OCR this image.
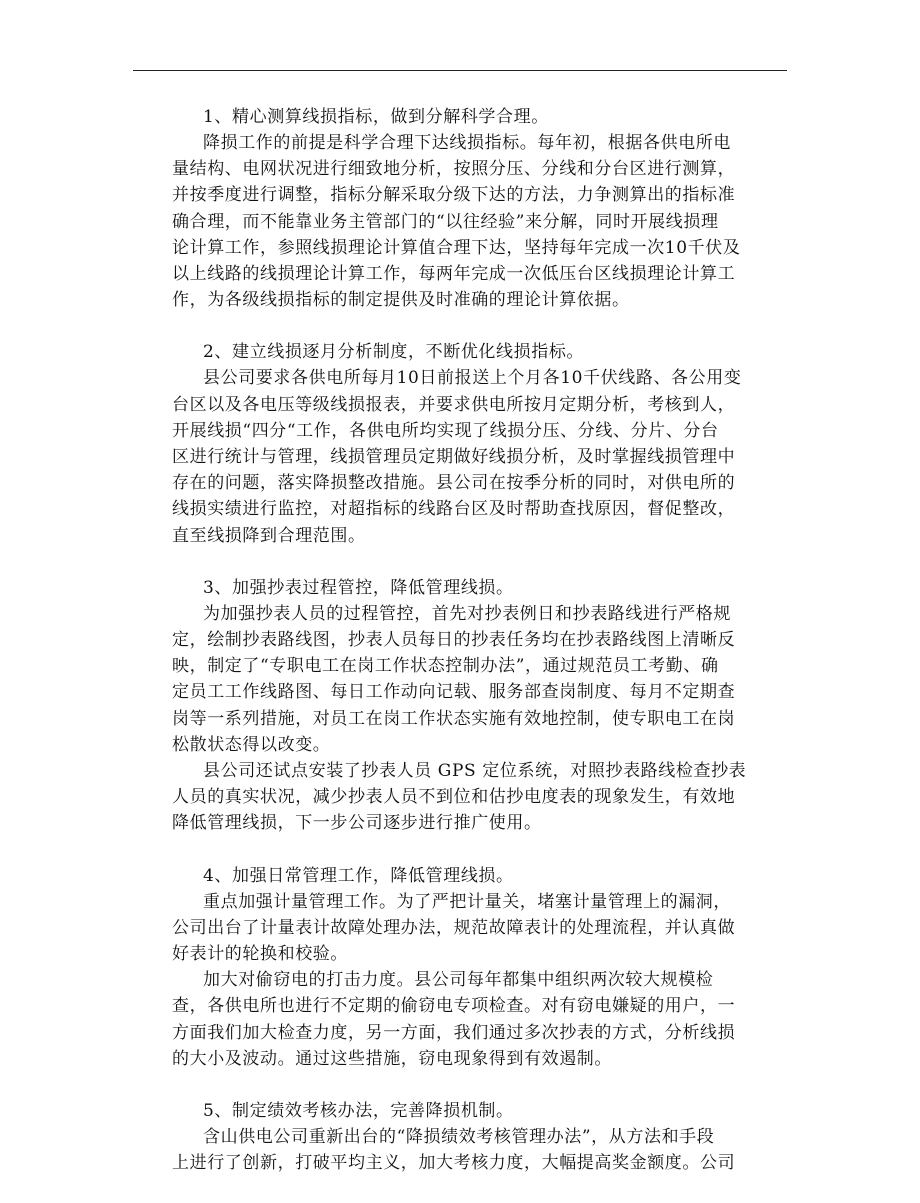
1、精心测算线损指标，做到分解科学合理。

降损工作的前提是科学合理下达线损指标。每年初，根据各供电所电
量结构、电网状况进行细致地分析，按照分压、分线和分台区进行测算，
并按季度进行调整，指标分解采取分级下达的方法，力争测算出的指标准
确合理，而不能靠业务主管部门的“以往经验”来分解，同时开展线损理
论计算工作，参照线损理论计算值合理下达，坚持每年完成一次10千伏及
以上线路的线损理论计算工作，每两年完成一次低压台区线损理论计算工
作，为各级线损指标的制定提供及时准确的理论计算依据。

2、建立线损逐月分析制度，不断优化线损指标。

县公司要求各供电所每月10日前报送上个月各10千伏线路、各公用变
台区以及各电压等级线损报表，并要求供电所按月定期分析，考核到人，
开展线损“四分“工作，各供电所均实现了线损分压、分线、分片、分台
区进行统计与管理，线损管理员定期做好线损分析，及时掌握线损管理中
存在的问题，落实降损整改措施。县公司在按季分析的同时，对供电所的
线损实绩进行监控，对超指标的线路台区及时帮助查找原因，督促整改，
直至线损降到合理范围。

3、加强抄表过程管控，降低管理线损。

为加强抄表人员的过程管控，首先对抄表例日和抄表路线进行严格规
定，绘制抄表路线图，抄表人员每日的抄表任务均在抄表路线图上清晰反
映，制定了“专职电工在岗工作状态控制办法”，通过规范员工考勤、确
定员工工作线路图、每日工作动向记载、服务部查岗制度、每月不定期查
岗等一系列措施，对员工在岗工作状态实施有效地控制，使专职电工在岗
松散状态得以改变。

县公司还试点安装了抄表人员 GPS 定位系统，对照抄表路线检查抄表
人员的真实状况，减少抄表人员不到位和估抄电度表的现象发生，有效地
降低管理线损，下一步公司逐步进行推广使用。

4、加强日常管理工作，降低管理线损。

重点加强计量管理工作。为了严把计量关，堵塞计量管理上的漏洞，
公司出台了计量表计故障处理办法，规范故障表计的处理流程，并认真做
好表计的轮换和校验。

加大对偷窃电的打击力度。县公司每年都集中组织两次较大规模检
查，各供电所也进行不定期的偷窃电专项检查。对有窃电嫌疑的用户，一
方面我们加大检查力度，另一方面，我们通过多次抄表的方式，分析线损
的大小及波动。通过这些措施，窃电现象得到有效遏制。

5、制定绩效考核办法，完善降损机制。

含山供电公司重新出台的“降损绩效考核管理办法”，从方法和手段
上进行了创新，打破平均主义，加大考核力度，大幅提高奖金额度。公司
